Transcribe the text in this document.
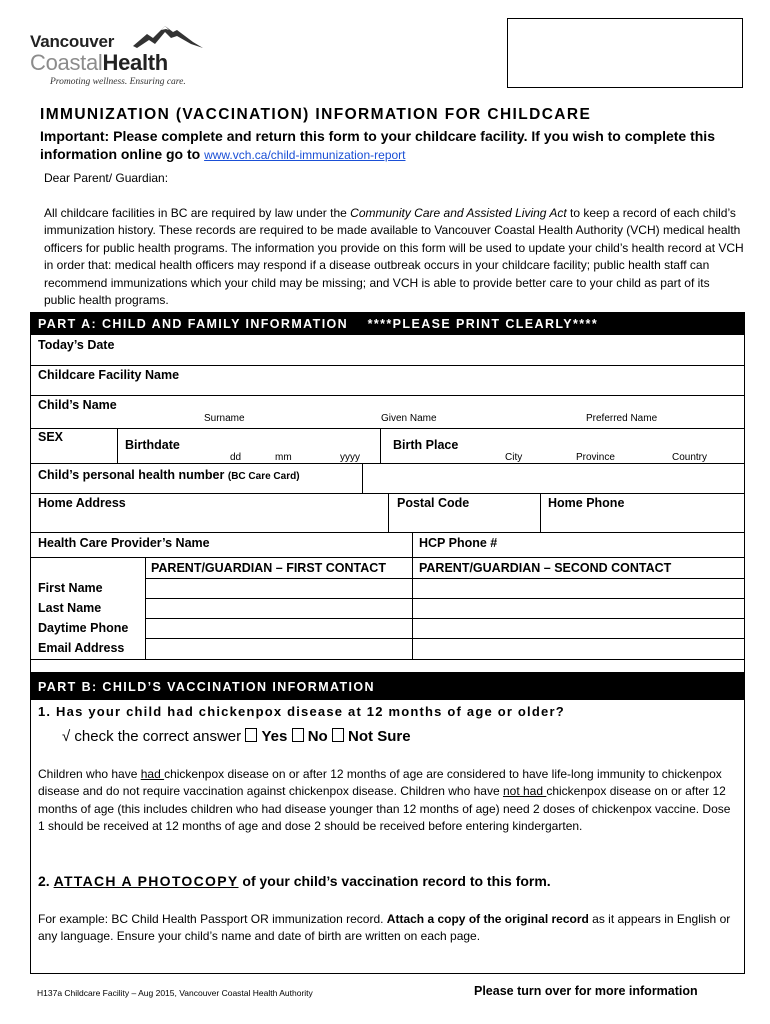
Vancouver
CoastalHealth
Promoting wellness. Ensuring care.
IMMUNIZATION (VACCINATION) INFORMATION FOR CHILDCARE
Important: Please complete and return this form to your childcare facility. If you wish to complete this information online go to www.vch.ca/child-immunization-report
Dear Parent/ Guardian:
All childcare facilities in BC are required by law under the Community Care and Assisted Living Act to keep a record of each child’s immunization history. These records are required to be made available to Vancouver Coastal Health Authority (VCH) medical health officers for public health programs. The information you provide on this form will be used to update your child’s health record at VCH in order that: medical health officers may respond if a disease outbreak occurs in your childcare facility; public health staff can recommend immunizations which your child may be missing; and VCH is able to provide better care to your child as part of its public health programs.
PART A: CHILD AND FAMILY INFORMATION ****PLEASE PRINT CLEARLY****
Today’s Date
Childcare Facility Name
Child’s Name
Surname	Given Name	Preferred Name
SEX
Birthdate
dd	mm	yyyy
Birth Place
City	Province	Country
Child’s personal health number (BC Care Card)
Home Address	Postal Code	Home Phone
Health Care Provider’s Name	HCP Phone #
PARENT/GUARDIAN – FIRST CONTACT	PARENT/GUARDIAN – SECOND CONTACT
First Name
Last Name
Daytime Phone
Email Address
PART B: CHILD’S VACCINATION INFORMATION
1. Has your child had chickenpox disease at 12 months of age or older?
√ check the correct answer Yes No Not Sure
Children who have had chickenpox disease on or after 12 months of age are considered to have life-long immunity to chickenpox disease and do not require vaccination against chickenpox disease. Children who have not had chickenpox disease on or after 12 months of age (this includes children who had disease younger than 12 months of age) need 2 doses of chickenpox vaccine. Dose 1 should be received at 12 months of age and dose 2 should be received before entering kindergarten.
2. ATTACH A PHOTOCOPY of your child’s vaccination record to this form.
For example: BC Child Health Passport OR immunization record. Attach a copy of the original record as it appears in English or any language. Ensure your child’s name and date of birth are written on each page.
H137a Childcare Facility – Aug 2015, Vancouver Coastal Health Authority	Please turn over for more information
